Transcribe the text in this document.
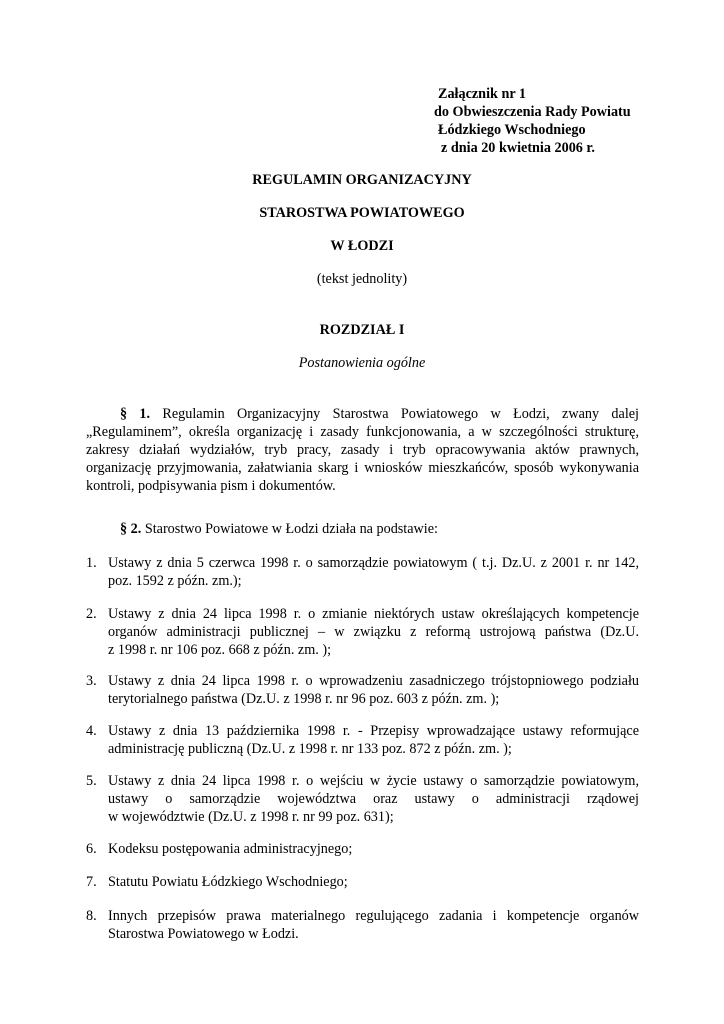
Załącznik nr 1
do Obwieszczenia Rady Powiatu
Łódzkiego Wschodniego
z dnia 20 kwietnia 2006 r.
REGULAMIN ORGANIZACYJNY
STAROSTWA POWIATOWEGO
W ŁODZI
(tekst jednolity)
ROZDZIAŁ I
Postanowienia ogólne
§ 1. Regulamin Organizacyjny Starostwa Powiatowego w Łodzi, zwany dalej
„Regulaminem”, określa organizację i zasady funkcjonowania, a w szczególności strukturę,
zakresy działań wydziałów, tryb pracy, zasady i tryb opracowywania aktów prawnych,
organizację przyjmowania, załatwiania skarg i wniosków mieszkańców, sposób wykonywania
kontroli, podpisywania pism i dokumentów.
§ 2. Starostwo Powiatowe w Łodzi działa na podstawie:
1. Ustawy z dnia 5 czerwca 1998 r. o samorządzie powiatowym ( t.j. Dz.U. z 2001 r. nr 142,
poz. 1592 z późn. zm.);
2. Ustawy z dnia 24 lipca 1998 r. o zmianie niektórych ustaw określających kompetencje
organów administracji publicznej – w związku z reformą ustrojową państwa (Dz.U.
z 1998 r. nr 106 poz. 668 z późn. zm. );
3. Ustawy z dnia 24 lipca 1998 r. o wprowadzeniu zasadniczego trójstopniowego podziału
terytorialnego państwa (Dz.U. z 1998 r. nr 96 poz. 603 z późn. zm. );
4. Ustawy z dnia 13 października 1998 r. - Przepisy wprowadzające ustawy reformujące
administrację publiczną (Dz.U. z 1998 r. nr 133 poz. 872 z późn. zm. );
5. Ustawy z dnia 24 lipca 1998 r. o wejściu w życie ustawy o samorządzie powiatowym,
ustawy o samorządzie województwa oraz ustawy o administracji rządowej
w województwie (Dz.U. z 1998 r. nr 99 poz. 631);
6. Kodeksu postępowania administracyjnego;
7. Statutu Powiatu Łódzkiego Wschodniego;
8. Innych przepisów prawa materialnego regulującego zadania i kompetencje organów
Starostwa Powiatowego w Łodzi.
